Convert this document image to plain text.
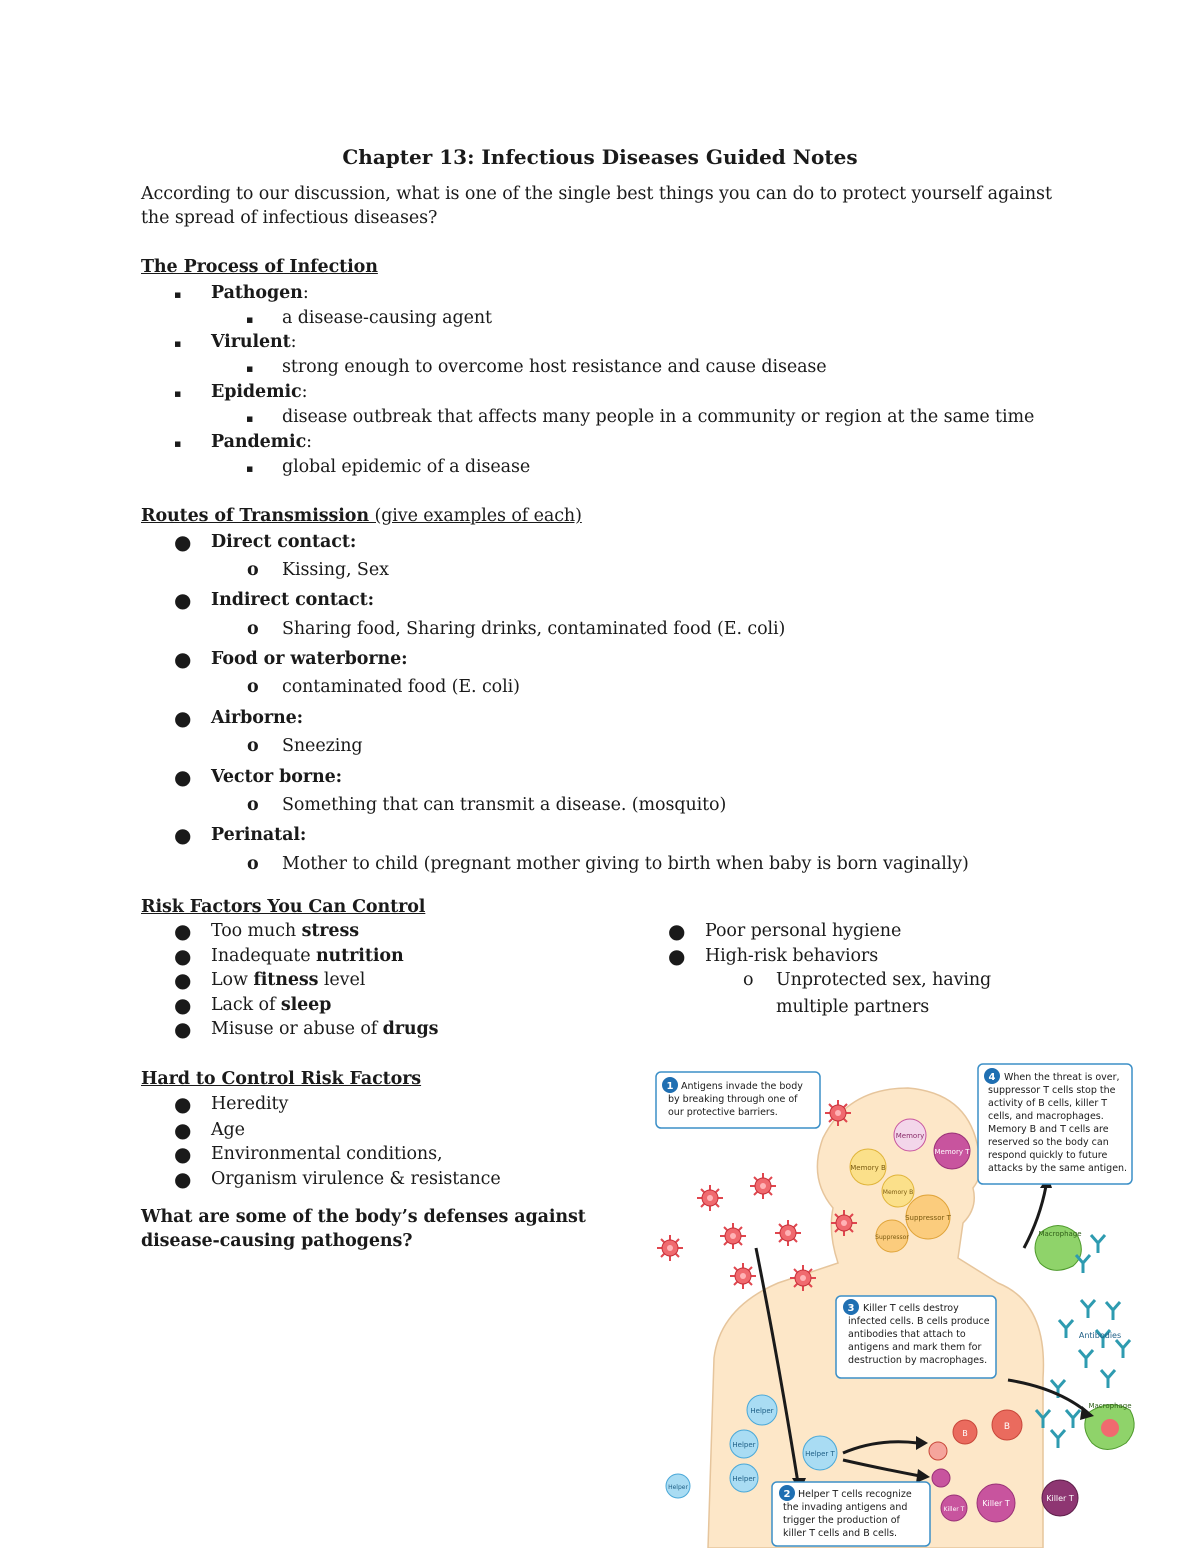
Chapter 13: Infectious Diseases Guided Notes
According to our discussion, what is one of the single best things you can do to protect yourself against
the spread of infectious diseases?
The Process of Infection
▪ Pathogen:
▪ a disease-causing agent
▪ Virulent:
▪ strong enough to overcome host resistance and cause disease
▪ Epidemic:
▪ disease outbreak that affects many people in a community or region at the same time
▪ Pandemic:
▪ global epidemic of a disease
Routes of Transmission (give examples of each)
● Direct contact:
o Kissing, Sex
● Indirect contact:
o Sharing food, Sharing drinks, contaminated food (E. coli)
● Food or waterborne:
o contaminated food (E. coli)
● Airborne:
o Sneezing
● Vector borne:
o Something that can transmit a disease. (mosquito)
● Perinatal:
o Mother to child (pregnant mother giving to birth when baby is born vaginally)
Risk Factors You Can Control
● Too much stress
● Inadequate nutrition
● Low fitness level
● Lack of sleep
● Misuse or abuse of drugs
● Poor personal hygiene
● High-risk behaviors
o Unprotected sex, having
multiple partners
Hard to Control Risk Factors
● Heredity
● Age
● Environmental conditions,
● Organism virulence & resistance
What are some of the body’s defenses against
disease-causing pathogens?
Memory
Memory T
Memory B
Memory B
Suppressor T
Suppressor
Helper
Helper
Helper
Helper
Helper T
B
B
Killer T
Killer T
Killer T
Macrophage
Macrophage
Antibodies
1 Antigens invade the body
by breaking through one of
our protective barriers.
4 When the threat is over,
suppressor T cells stop the
activity of B cells, killer T
cells, and macrophages.
Memory B and T cells are
reserved so the body can
respond quickly to future
attacks by the same antigen.
3 Killer T cells destroy
infected cells. B cells produce
antibodies that attach to
antigens and mark them for
destruction by macrophages.
2 Helper T cells recognize
the invading antigens and
trigger the production of
killer T cells and B cells.
